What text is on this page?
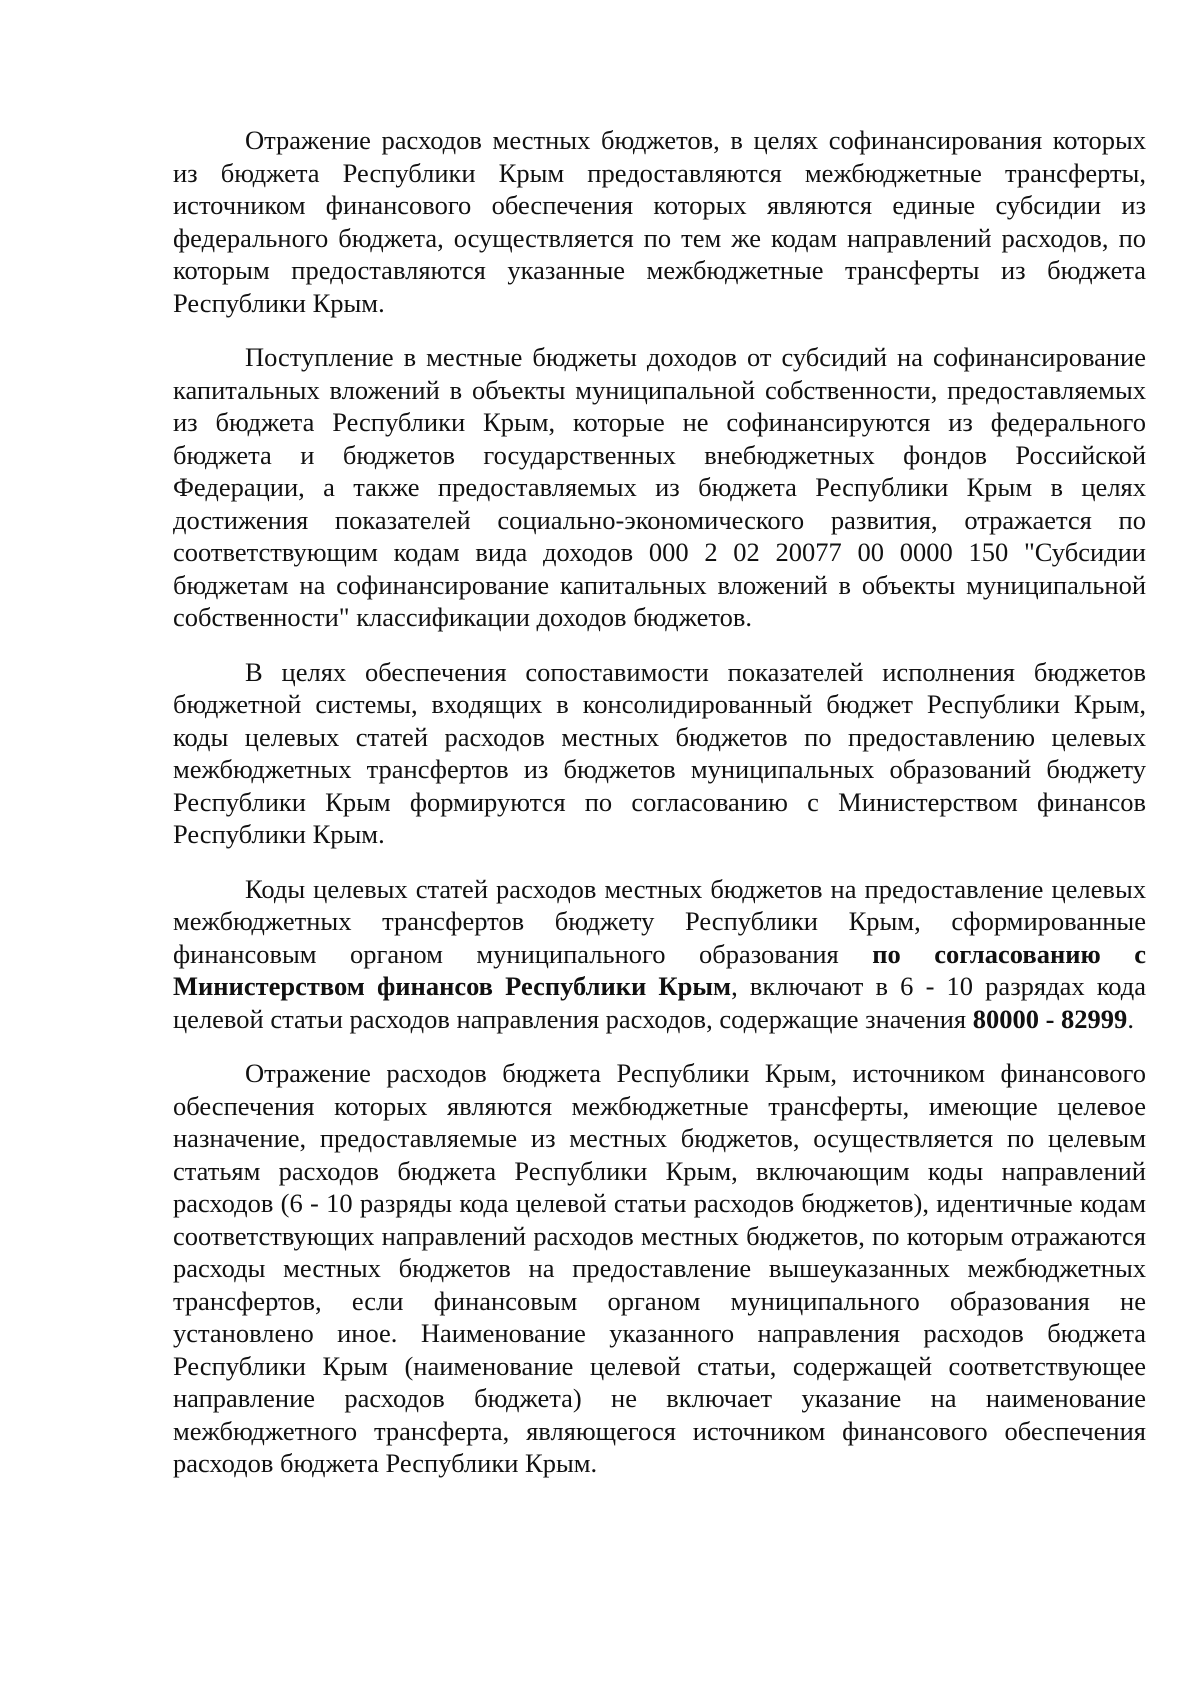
Отражение расходов местных бюджетов, в целях софинансирования которых из бюджета Республики Крым предоставляются межбюджетные трансферты, источником финансового обеспечения которых являются единые субсидии из федерального бюджета, осуществляется по тем же кодам направлений расходов, по которым предоставляются указанные межбюджетные трансферты из бюджета Республики Крым.

Поступление в местные бюджеты доходов от субсидий на софинансирование капитальных вложений в объекты муниципальной собственности, предоставляемых из бюджета Республики Крым, которые не софинансируются из федерального бюджета и бюджетов государственных внебюджетных фондов Российской Федерации, а также предоставляемых из бюджета Республики Крым в целях достижения показателей социально-экономического развития, отражается по соответствующим кодам вида доходов 000 2 02 20077 00 0000 150 "Субсидии бюджетам на софинансирование капитальных вложений в объекты муниципальной собственности" классификации доходов бюджетов.

В целях обеспечения сопоставимости показателей исполнения бюджетов бюджетной системы, входящих в консолидированный бюджет Республики Крым, коды целевых статей расходов местных бюджетов по предоставлению целевых межбюджетных трансфертов из бюджетов муниципальных образований бюджету Республики Крым формируются по согласованию с Министерством финансов Республики Крым.

Коды целевых статей расходов местных бюджетов на предоставление целевых межбюджетных трансфертов бюджету Республики Крым, сформированные финансовым органом муниципального образования по согласованию с Министерством финансов Республики Крым, включают в 6 - 10 разрядах кода целевой статьи расходов направления расходов, содержащие значения 80000 - 82999.

Отражение расходов бюджета Республики Крым, источником финансового обеспечения которых являются межбюджетные трансферты, имеющие целевое назначение, предоставляемые из местных бюджетов, осуществляется по целевым статьям расходов бюджета Республики Крым, включающим коды направлений расходов (6 - 10 разряды кода целевой статьи расходов бюджетов), идентичные кодам соответствующих направлений расходов местных бюджетов, по которым отражаются расходы местных бюджетов на предоставление вышеуказанных межбюджетных трансфертов, если финансовым органом муниципального образования не установлено иное. Наименование указанного направления расходов бюджета Республики Крым (наименование целевой статьи, содержащей соответствующее направление расходов бюджета) не включает указание на наименование межбюджетного трансферта, являющегося источником финансового обеспечения расходов бюджета Республики Крым.
